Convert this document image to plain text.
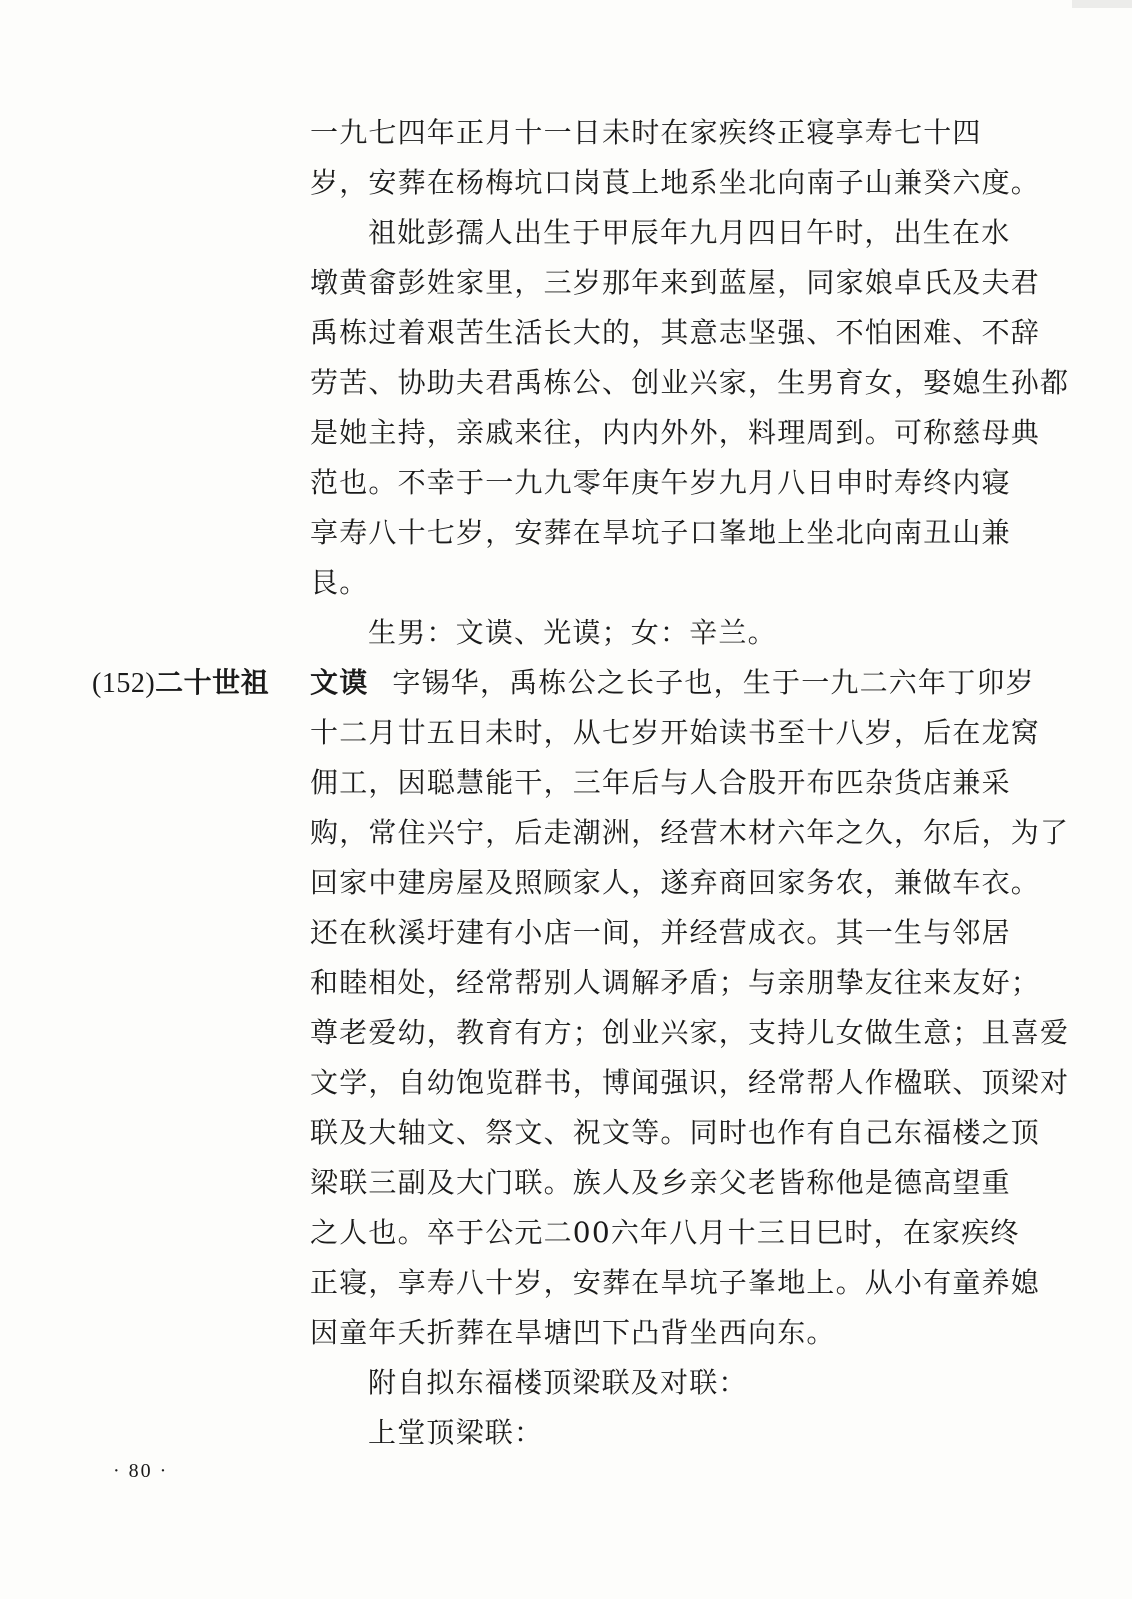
(152)二十世祖
一九七四年正月十一日未时在家疾终正寝享寿七十四
岁，安葬在杨梅坑口岗茛上地系坐北向南子山兼癸六度。
祖妣彭孺人出生于甲辰年九月四日午时，出生在水
墩黄畲彭姓家里，三岁那年来到蓝屋，同家娘卓氏及夫君
禹栋过着艰苦生活长大的，其意志坚强、不怕困难、不辞
劳苦、协助夫君禹栋公、创业兴家，生男育女，娶媳生孙都
是她主持，亲戚来往，内内外外，料理周到。可称慈母典
范也。不幸于一九九零年庚午岁九月八日申时寿终内寝
享寿八十七岁，安葬在旱坑子口峯地上坐北向南丑山兼
艮。
生男：文谟、光谟；女：辛兰。
文谟 字锡华，禹栋公之长子也，生于一九二六年丁卯岁
十二月廿五日未时，从七岁开始读书至十八岁，后在龙窝
佣工，因聪慧能干，三年后与人合股开布匹杂货店兼采
购，常住兴宁，后走潮洲，经营木材六年之久，尔后，为了
回家中建房屋及照顾家人，遂弃商回家务农，兼做车衣。
还在秋溪圩建有小店一间，并经营成衣。其一生与邻居
和睦相处，经常帮别人调解矛盾；与亲朋挚友往来友好；
尊老爱幼，教育有方；创业兴家，支持儿女做生意；且喜爱
文学，自幼饱览群书，博闻强识，经常帮人作楹联、顶梁对
联及大轴文、祭文、祝文等。同时也作有自己东福楼之顶
梁联三副及大门联。族人及乡亲父老皆称他是德高望重
之人也。卒于公元二00六年八月十三日巳时，在家疾终
正寝，享寿八十岁，安葬在旱坑子峯地上。从小有童养媳
因童年夭折葬在旱塘凹下凸背坐西向东。
附自拟东福楼顶梁联及对联：
上堂顶梁联：
· 80 ·
